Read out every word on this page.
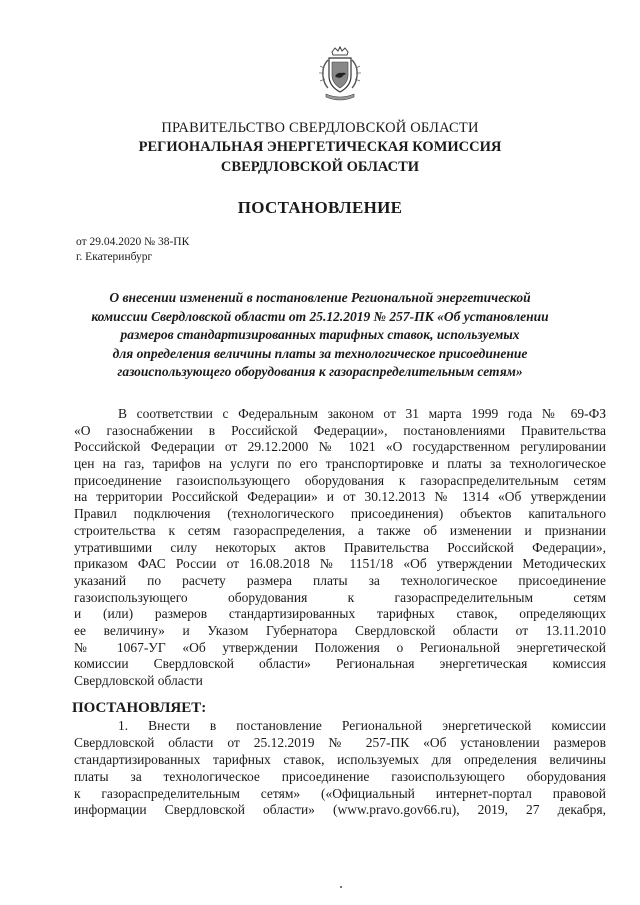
ПРАВИТЕЛЬСТВО СВЕРДЛОВСКОЙ ОБЛАСТИ
РЕГИОНАЛЬНАЯ ЭНЕРГЕТИЧЕСКАЯ КОМИССИЯ
СВЕРДЛОВСКОЙ ОБЛАСТИ
ПОСТАНОВЛЕНИЕ
от 29.04.2020 № 38-ПК
г. Екатеринбург
О внесении изменений в постановление Региональной энергетической
комиссии Свердловской области от 25.12.2019 № 257-ПК «Об установлении
размеров стандартизированных тарифных ставок, используемых
для определения величины платы за технологическое присоединение
газоиспользующего оборудования к газораспределительным сетям»
В соответствии с Федеральным законом от 31 марта 1999 года № 69-ФЗ
«О газоснабжении в Российской Федерации», постановлениями Правительства
Российской Федерации от 29.12.2000 № 1021 «О государственном регулировании
цен на газ, тарифов на услуги по его транспортировке и платы за технологическое
присоединение газоиспользующего оборудования к газораспределительным сетям
на территории Российской Федерации» и от 30.12.2013 № 1314 «Об утверждении
Правил подключения (технологического присоединения) объектов капитального
строительства к сетям газораспределения, а также об изменении и признании
утратившими силу некоторых актов Правительства Российской Федерации»,
приказом ФАС России от 16.08.2018 № 1151/18 «Об утверждении Методических
указаний по расчету размера платы за технологическое присоединение
газоиспользующего оборудования к газораспределительным сетям
и (или) размеров стандартизированных тарифных ставок, определяющих
ее величину» и Указом Губернатора Свердловской области от 13.11.2010
№ 1067-УГ «Об утверждении Положения о Региональной энергетической
комиссии Свердловской области» Региональная энергетическая комиссия
Свердловской области
ПОСТАНОВЛЯЕТ:
1. Внести в постановление Региональной энергетической комиссии
Свердловской области от 25.12.2019 № 257-ПК «Об установлении размеров
стандартизированных тарифных ставок, используемых для определения величины
платы за технологическое присоединение газоиспользующего оборудования
к газораспределительным сетям» («Официальный интернет-портал правовой
информации Свердловской области» (www.pravo.gov66.ru), 2019, 27 декабря,
